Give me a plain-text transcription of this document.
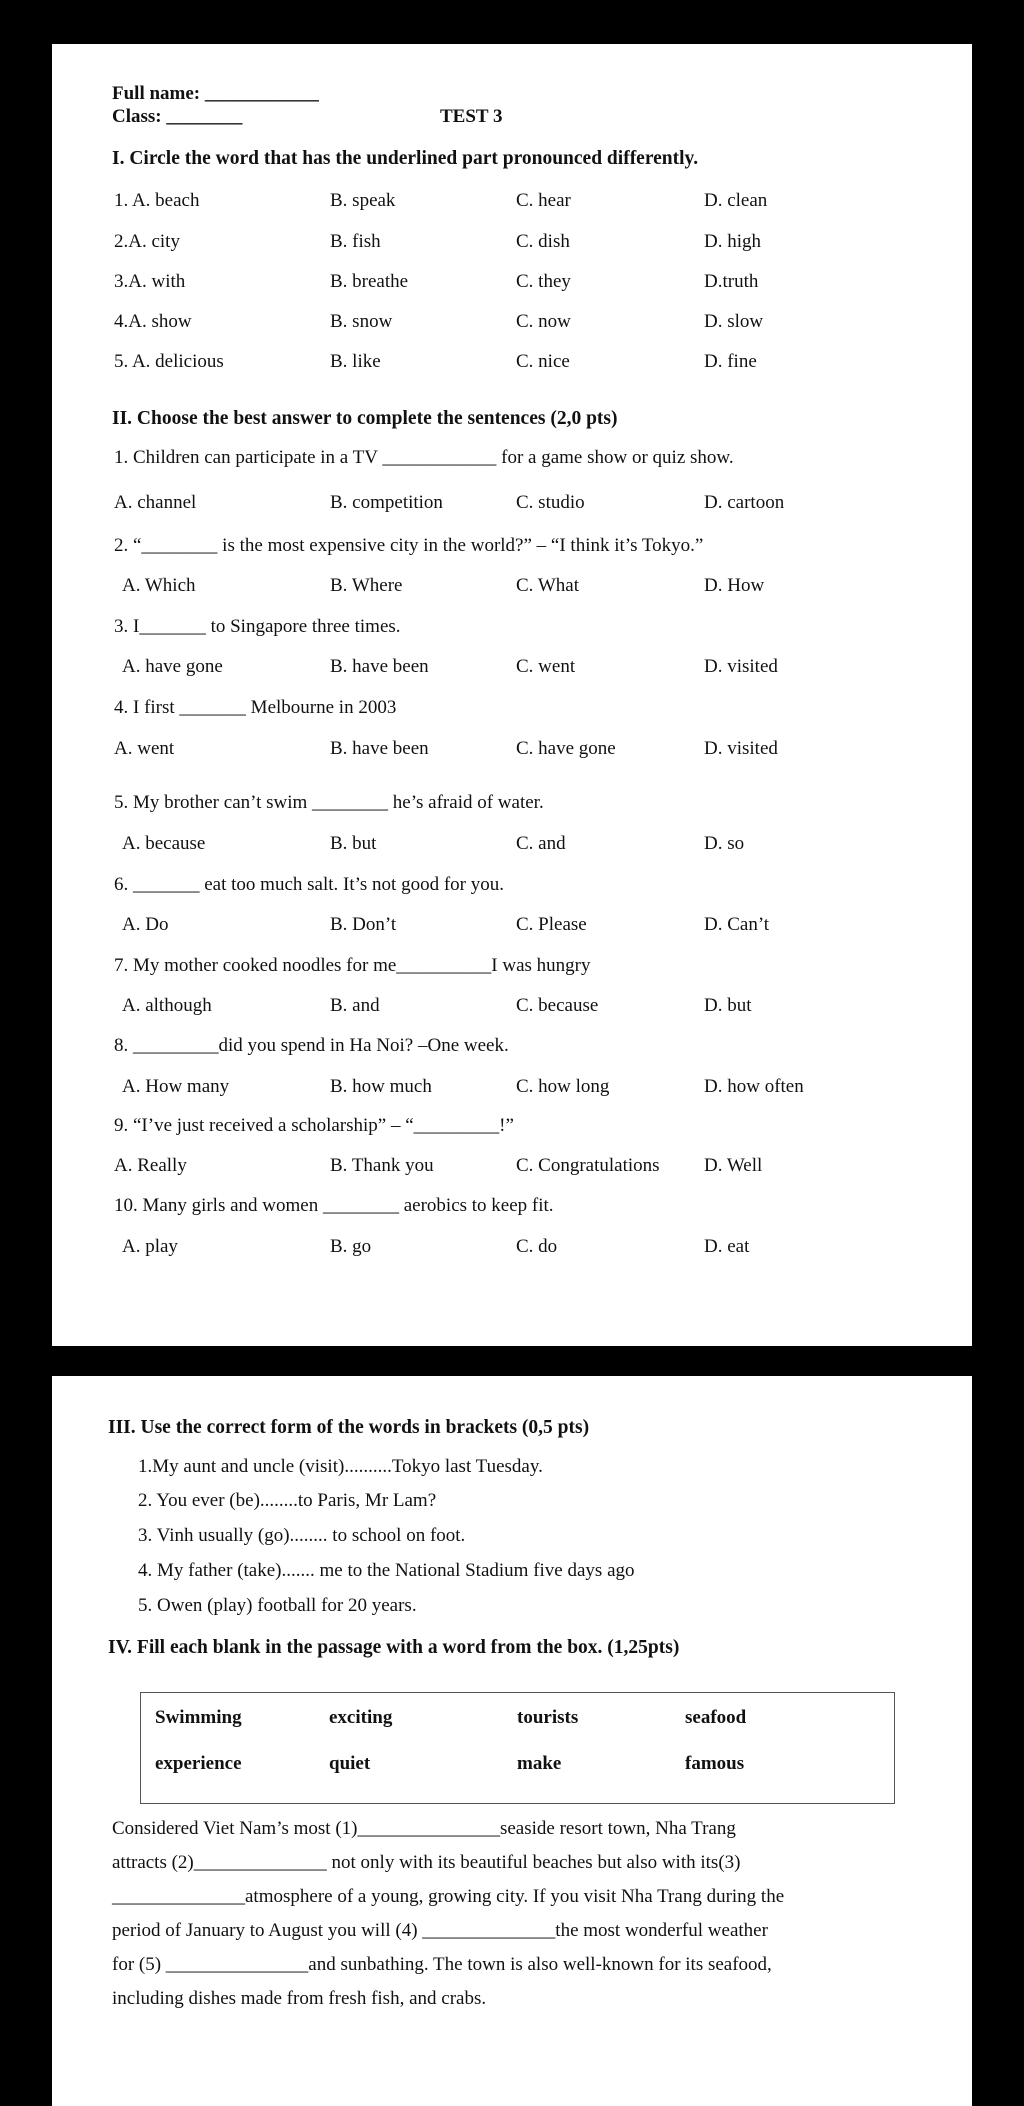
Full name: ____________
Class: ________	TEST 3
I. Circle the word that has the underlined part pronounced differently.
1. A. beach	B. speak	C. hear	D. clean
2.A. city	B. fish	C. dish	D. high
3.A. with	B. breathe	C. they	D.truth
4.A. show	B. snow	C. now	D. slow
5. A. delicious	B. like	C. nice	D. fine
II. Choose the best answer to complete the sentences (2,0 pts)
1. Children can participate in a TV ____________ for a game show or quiz show.
A. channel	B. competition	C. studio	D. cartoon
2. “________ is the most expensive city in the world?” – “I think it’s Tokyo.”
A. Which	B. Where	C. What	D. How
3. I_______ to Singapore three times.
A. have gone	B. have been	C. went	D. visited
4. I first _______ Melbourne in 2003
A. went	B. have been	C. have gone	D. visited
5. My brother can’t swim ________ he’s afraid of water.
A. because	B. but	C. and	D. so
6. _______ eat too much salt. It’s not good for you.
A. Do	B. Don’t	C. Please	D. Can’t
7. My mother cooked noodles for me__________I was hungry
A. although	B. and	C. because	D. but
8. _________did you spend in Ha Noi? –One week.
A. How many	B. how much	C. how long	D. how often
9. “I’ve just received a scholarship” – “_________!”
A. Really	B. Thank you	C. Congratulations D. Well
10. Many girls and women ________ aerobics to keep fit.
A. play	B. go	C. do	D. eat
III. Use the correct form of the words in brackets (0,5 pts)
1.My aunt and uncle (visit)..........Tokyo last Tuesday.
2. You ever (be)........to Paris, Mr Lam?
3. Vinh usually (go)........ to school on foot.
4. My father (take)....... me to the National Stadium five days ago
5. Owen (play) football for 20 years.
IV. Fill each blank in the passage with a word from the box. (1,25pts)
Swimming	exciting	tourists	seafood
experience	quiet	make	famous
Considered Viet Nam’s most (1)_______________seaside resort town, Nha Trang
attracts (2)______________ not only with its beautiful beaches but also with its(3)
______________atmosphere of a young, growing city. If you visit Nha Trang during the
period of January to August you will (4) ______________the most wonderful weather
for (5) _______________and sunbathing. The town is also well-known for its seafood,
including dishes made from fresh fish, and crabs.
